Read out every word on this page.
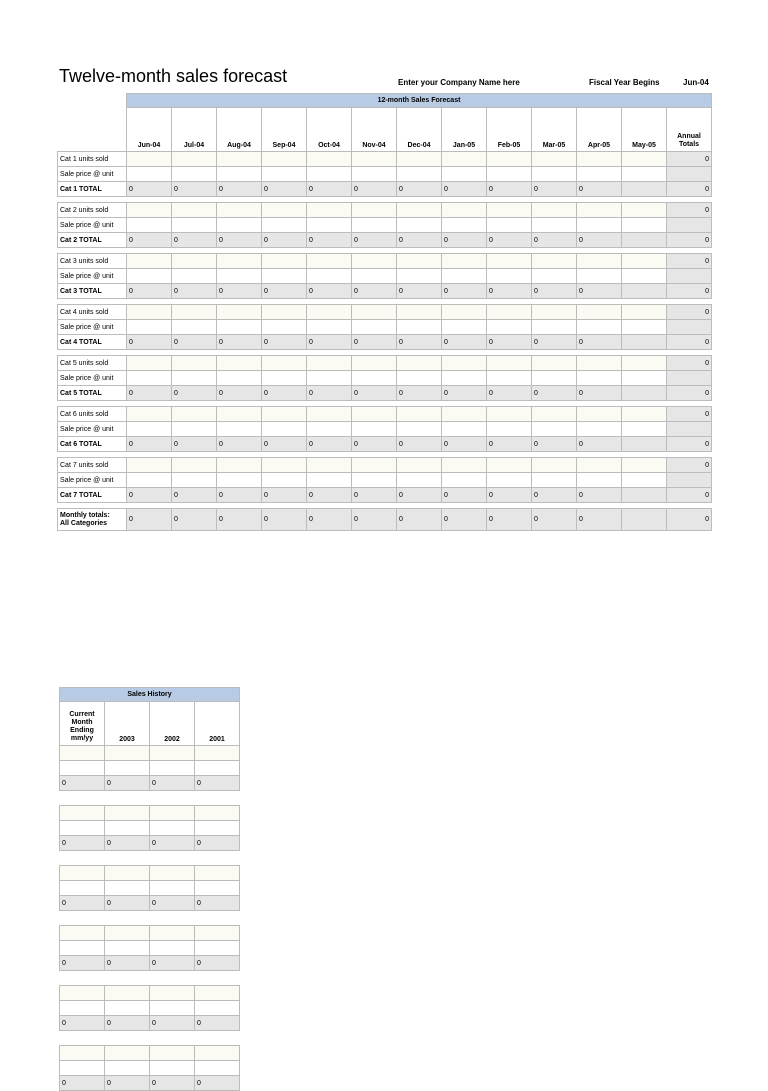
Twelve-month sales forecast	Enter your Company Name here	Fiscal Year Begins	Jun-04
	12-month Sales Forecast												
	Jun-04	Jul-04	Aug-04	Sep-04	Oct-04	Nov-04	Dec-04	Jan-05	Feb-05	Mar-05	Apr-05	May-05	Annual Totals
Cat 1 units sold													0
Sale price @ unit													
Cat 1 TOTAL	0	0	0	0	0	0	0	0	0	0	0		0

Cat 2 units sold													0
Sale price @ unit													
Cat 2 TOTAL	0	0	0	0	0	0	0	0	0	0	0		0

Cat 3 units sold													0
Sale price @ unit													
Cat 3 TOTAL	0	0	0	0	0	0	0	0	0	0	0		0

Cat 4 units sold													0
Sale price @ unit													
Cat 4 TOTAL	0	0	0	0	0	0	0	0	0	0	0		0

Cat 5 units sold													0
Sale price @ unit													
Cat 5 TOTAL	0	0	0	0	0	0	0	0	0	0	0		0

Cat 6 units sold													0
Sale price @ unit													
Cat 6 TOTAL	0	0	0	0	0	0	0	0	0	0	0		0

Cat 7 units sold													0
Sale price @ unit													
Cat 7 TOTAL	0	0	0	0	0	0	0	0	0	0	0		0

Monthly totals:
All Categories	0	0	0	0	0	0	0	0	0	0	0		0
Sales History			
Current Month Ending mm/yy	2003	2002	2001

0	0	0	0

0	0	0	0

0	0	0	0

0	0	0	0

0	0	0	0

0	0	0	0
